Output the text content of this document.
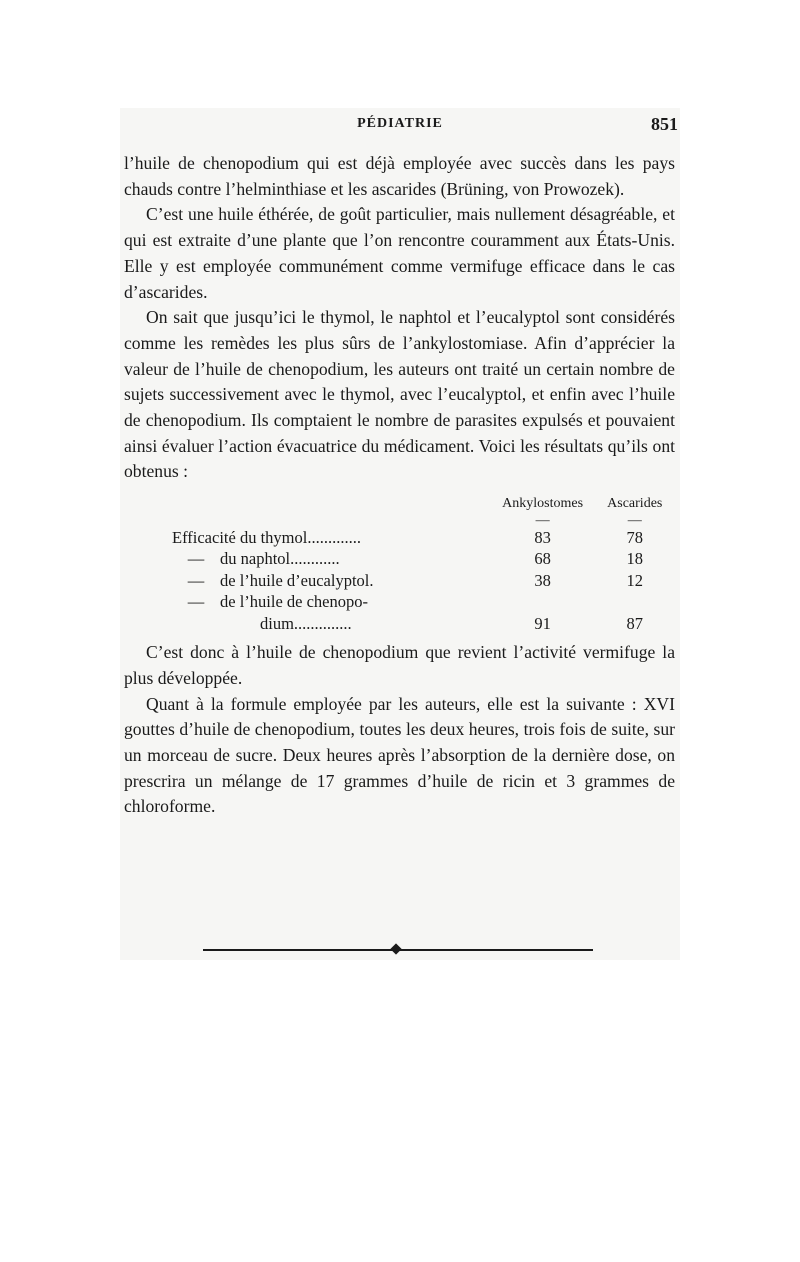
PÉDIATRIE	851

l’huile de chenopodium qui est déjà employée avec succès dans les pays chauds contre l’helminthiase et les ascarides (Brüning, von Prowozek).

C’est une huile éthérée, de goût particulier, mais nullement désagréable, et qui est extraite d’une plante que l’on rencontre couramment aux États-Unis. Elle y est employée communément comme vermifuge efficace dans le cas d’ascarides.

On sait que jusqu’ici le thymol, le naphtol et l’eucalyptol sont considérés comme les remèdes les plus sûrs de l’ankylostomiase. Afin d’apprécier la valeur de l’huile de chenopodium, les auteurs ont traité un certain nombre de sujets successivement avec le thymol, avec l’eucalyptol, et enfin avec l’huile de chenopodium. Ils comptaient le nombre de parasites expulsés et pouvaient ainsi évaluer l’action évacuatrice du médicament. Voici les résultats qu’ils ont obtenus :

	Ankylostomes	Ascarides
	—	—
Efficacité du thymol.............	83	78
— du naphtol............	68	18
— de l’huile d’eucalyptol.	38	12
— de l’huile de chenopo-		
dium..............	91	87

C’est donc à l’huile de chenopodium que revient l’activité vermifuge la plus développée.

Quant à la formule employée par les auteurs, elle est la suivante : XVI gouttes d’huile de chenopodium, toutes les deux heures, trois fois de suite, sur un morceau de sucre. Deux heures après l’absorption de la dernière dose, on prescrira un mélange de 17 grammes d’huile de ricin et 3 grammes de chloroforme.
